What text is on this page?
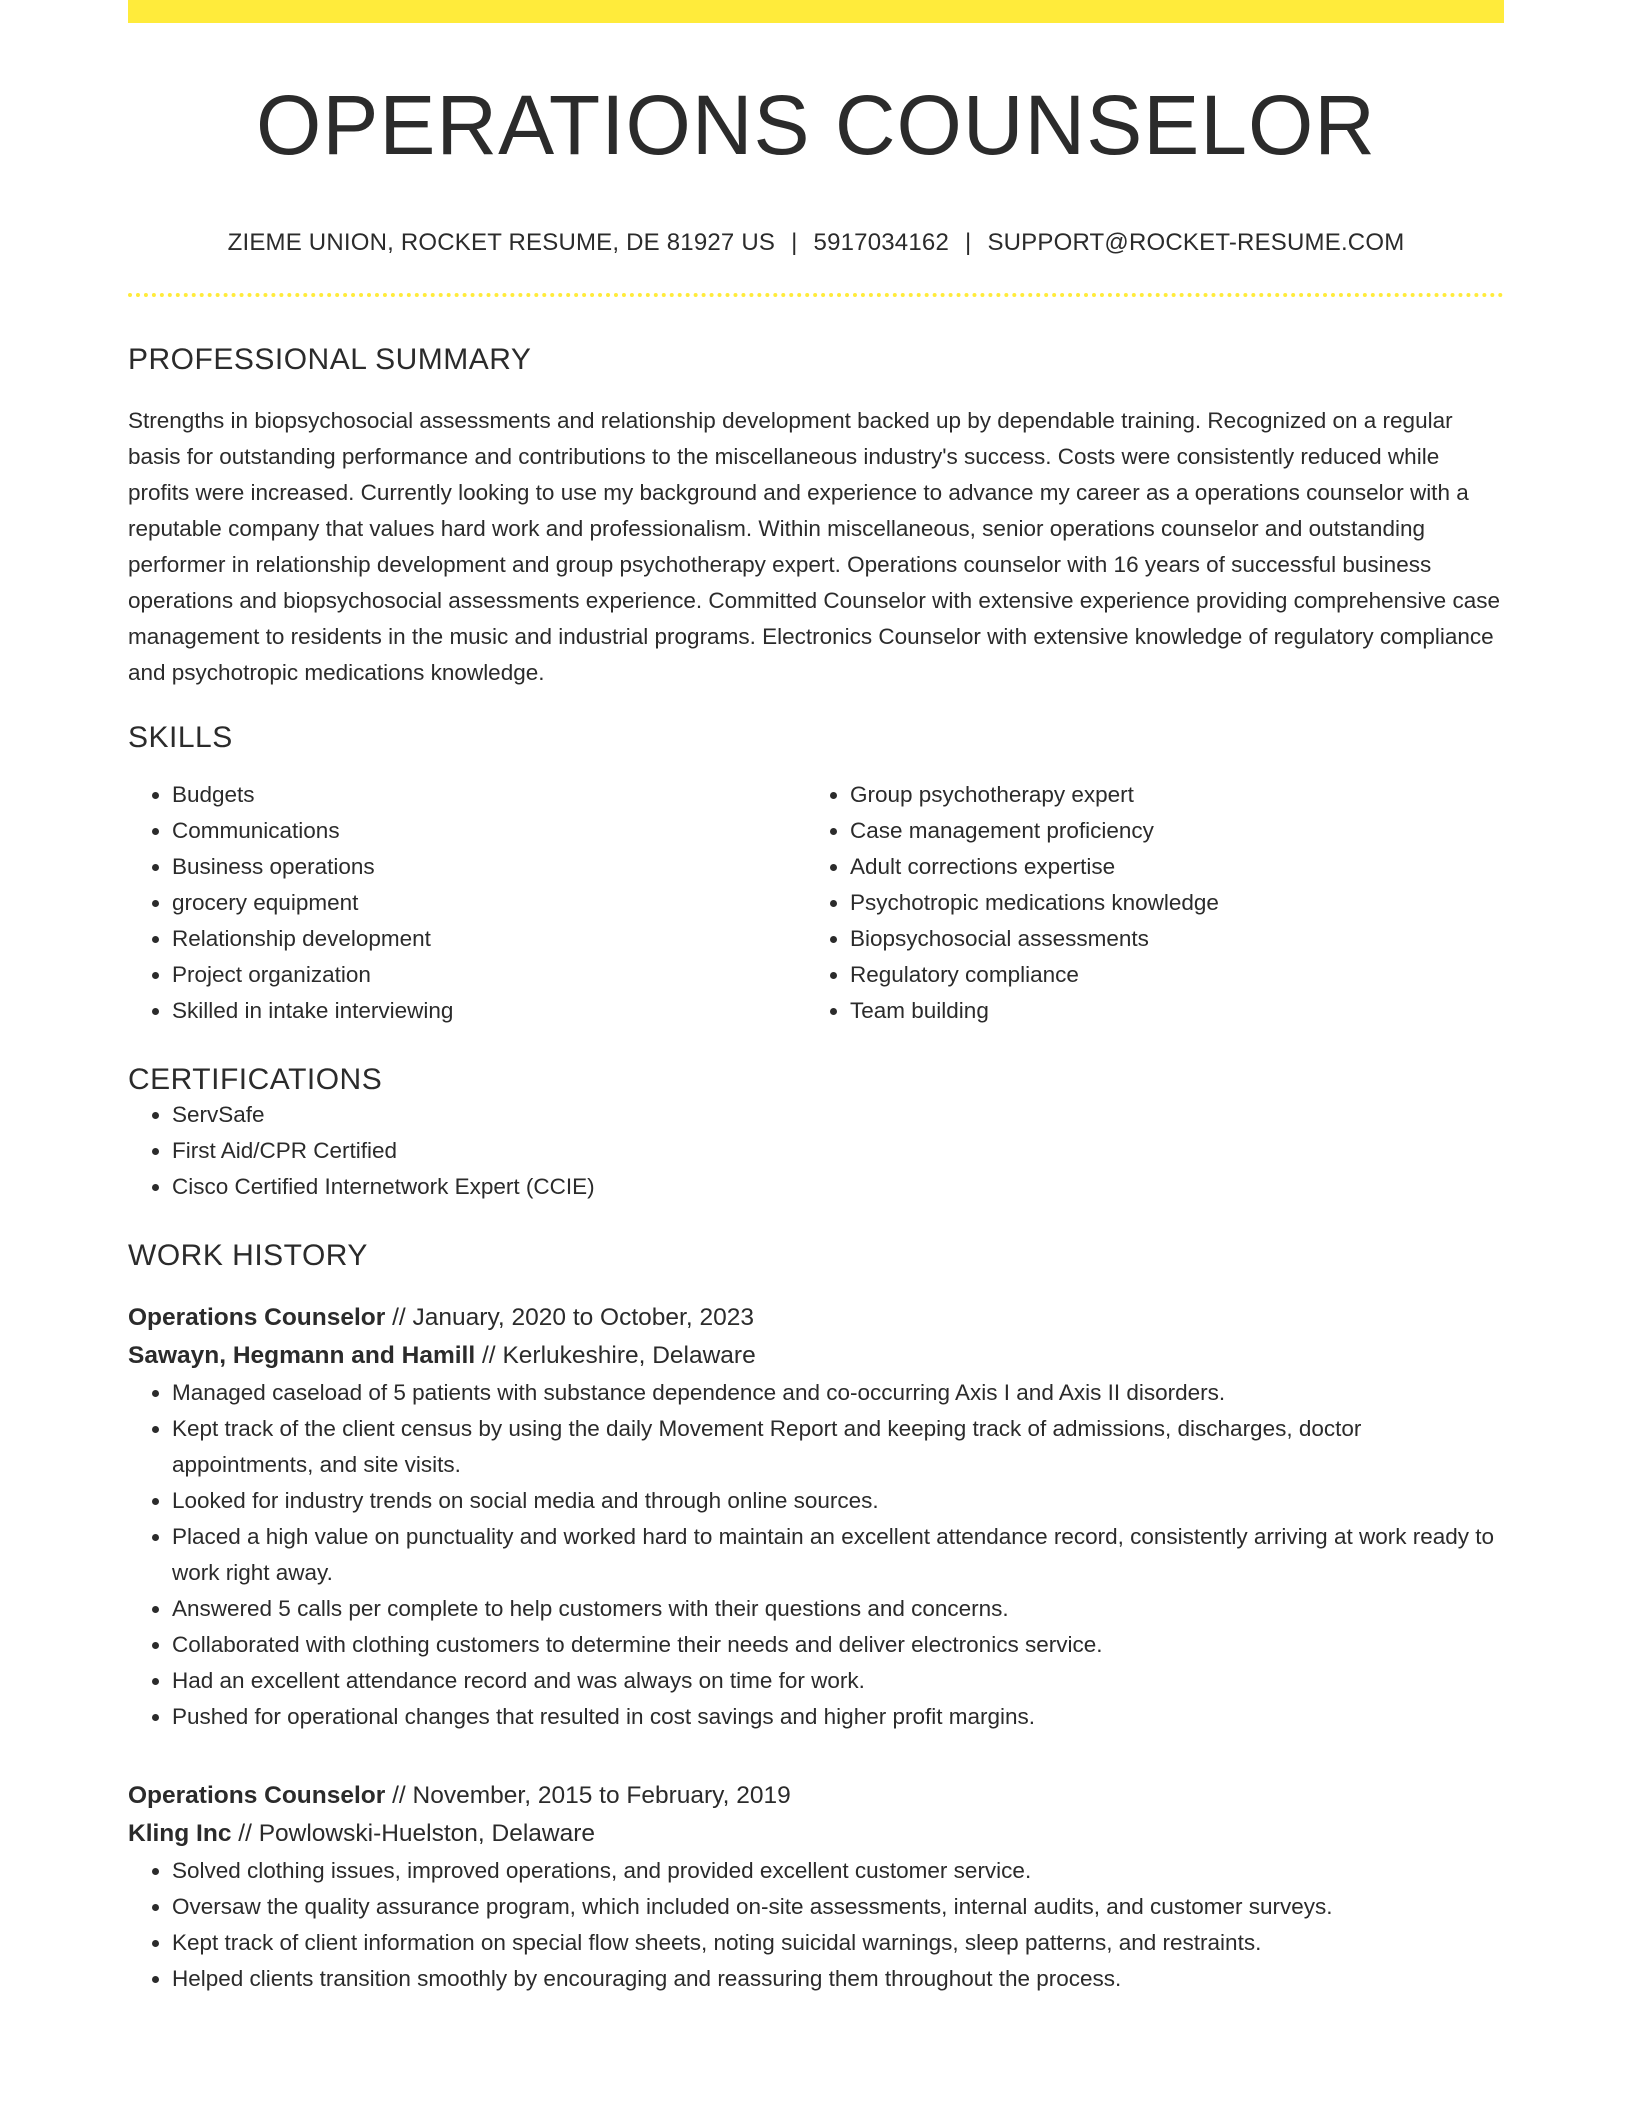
OPERATIONS COUNSELOR
ZIEME UNION, ROCKET RESUME, DE 81927 US | 5917034162 | SUPPORT@ROCKET-RESUME.COM
PROFESSIONAL SUMMARY

Strengths in biopsychosocial assessments and relationship development backed up by dependable training. Recognized on a regular basis for outstanding performance and contributions to the miscellaneous industry's success. Costs were consistently reduced while profits were increased. Currently looking to use my background and experience to advance my career as a operations counselor with a reputable company that values hard work and professionalism. Within miscellaneous, senior operations counselor and outstanding performer in relationship development and group psychotherapy expert. Operations counselor with 16 years of successful business operations and biopsychosocial assessments experience. Committed Counselor with extensive experience providing comprehensive case management to residents in the music and industrial programs. Electronics Counselor with extensive knowledge of regulatory compliance and psychotropic medications knowledge.

SKILLS
• Budgets
• Communications
• Business operations
• grocery equipment
• Relationship development
• Project organization
• Skilled in intake interviewing
• Group psychotherapy expert
• Case management proficiency
• Adult corrections expertise
• Psychotropic medications knowledge
• Biopsychosocial assessments
• Regulatory compliance
• Team building
CERTIFICATIONS
• ServSafe
• First Aid/CPR Certified
• Cisco Certified Internetwork Expert (CCIE)
WORK HISTORY
Operations Counselor // January, 2020 to October, 2023
Sawayn, Hegmann and Hamill // Kerlukeshire, Delaware
• Managed caseload of 5 patients with substance dependence and co-occurring Axis I and Axis II disorders.
• Kept track of the client census by using the daily Movement Report and keeping track of admissions, discharges, doctor appointments, and site visits.
• Looked for industry trends on social media and through online sources.
• Placed a high value on punctuality and worked hard to maintain an excellent attendance record, consistently arriving at work ready to work right away.
• Answered 5 calls per complete to help customers with their questions and concerns.
• Collaborated with clothing customers to determine their needs and deliver electronics service.
• Had an excellent attendance record and was always on time for work.
• Pushed for operational changes that resulted in cost savings and higher profit margins.
Operations Counselor // November, 2015 to February, 2019
Kling Inc // Powlowski-Huelston, Delaware
• Solved clothing issues, improved operations, and provided excellent customer service.
• Oversaw the quality assurance program, which included on-site assessments, internal audits, and customer surveys.
• Kept track of client information on special flow sheets, noting suicidal warnings, sleep patterns, and restraints.
• Helped clients transition smoothly by encouraging and reassuring them throughout the process.
